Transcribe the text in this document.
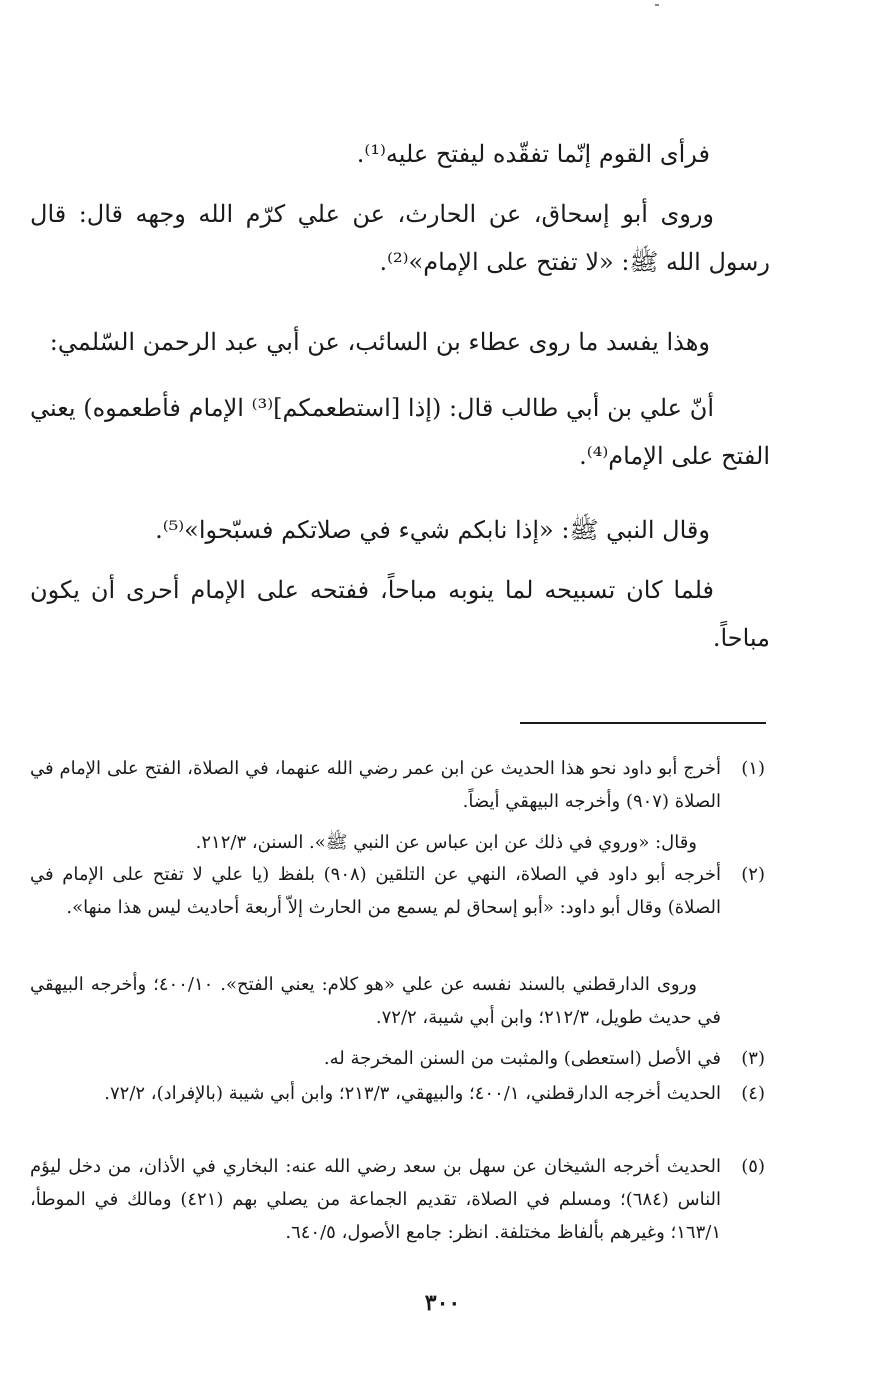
فرأى القوم إنّما تفقّده ليفتح عليه⁽¹⁾.
وروى أبو إسحاق، عن الحارث، عن علي كرّم الله وجهه قال: قال رسول الله ﷺ: «لا تفتح على الإمام»⁽²⁾.
وهذا يفسد ما روى عطاء بن السائب، عن أبي عبد الرحمن السّلمي:
أنّ علي بن أبي طالب قال: (إذا [استطعمكم]⁽³⁾ الإمام فأطعموه) يعني الفتح على الإمام⁽⁴⁾.
وقال النبي ﷺ: «إذا نابكم شيء في صلاتكم فسبّحوا»⁽⁵⁾.
فلما كان تسبيحه لما ينوبه مباحاً، ففتحه على الإمام أحرى أن يكون مباحاً.
(١)
أخرج أبو داود نحو هذا الحديث عن ابن عمر رضي الله عنهما، في الصلاة، الفتح على الإمام في الصلاة (٩٠٧) وأخرجه البيهقي أيضاً.
وقال: «وروي في ذلك عن ابن عباس عن النبي ﷺ». السنن، ٢١٢/٣.
(٢)
أخرجه أبو داود في الصلاة، النهي عن التلقين (٩٠٨) بلفظ (يا علي لا تفتح على الإمام في الصلاة) وقال أبو داود: «أبو إسحاق لم يسمع من الحارث إلاّ أربعة أحاديث ليس هذا منها».
وروى الدارقطني بالسند نفسه عن علي «هو كلام: يعني الفتح». ٤٠٠/١٠؛ وأخرجه البيهقي في حديث طويل، ٢١٢/٣؛ وابن أبي شيبة، ٧٢/٢.
(٣)
في الأصل (استعطى) والمثبت من السنن المخرجة له.
(٤)
الحديث أخرجه الدارقطني، ٤٠٠/١؛ والبيهقي، ٢١٣/٣؛ وابن أبي شيبة (بالإفراد)، ٧٢/٢.
(٥)
الحديث أخرجه الشيخان عن سهل بن سعد رضي الله عنه: البخاري في الأذان، من دخل ليؤم الناس (٦٨٤)؛ ومسلم في الصلاة، تقديم الجماعة من يصلي بهم (٤٢١) ومالك في الموطأ، ١٦٣/١؛ وغيرهم بألفاظ مختلفة. انظر: جامع الأصول، ٦٤٠/٥.
٣٠٠
